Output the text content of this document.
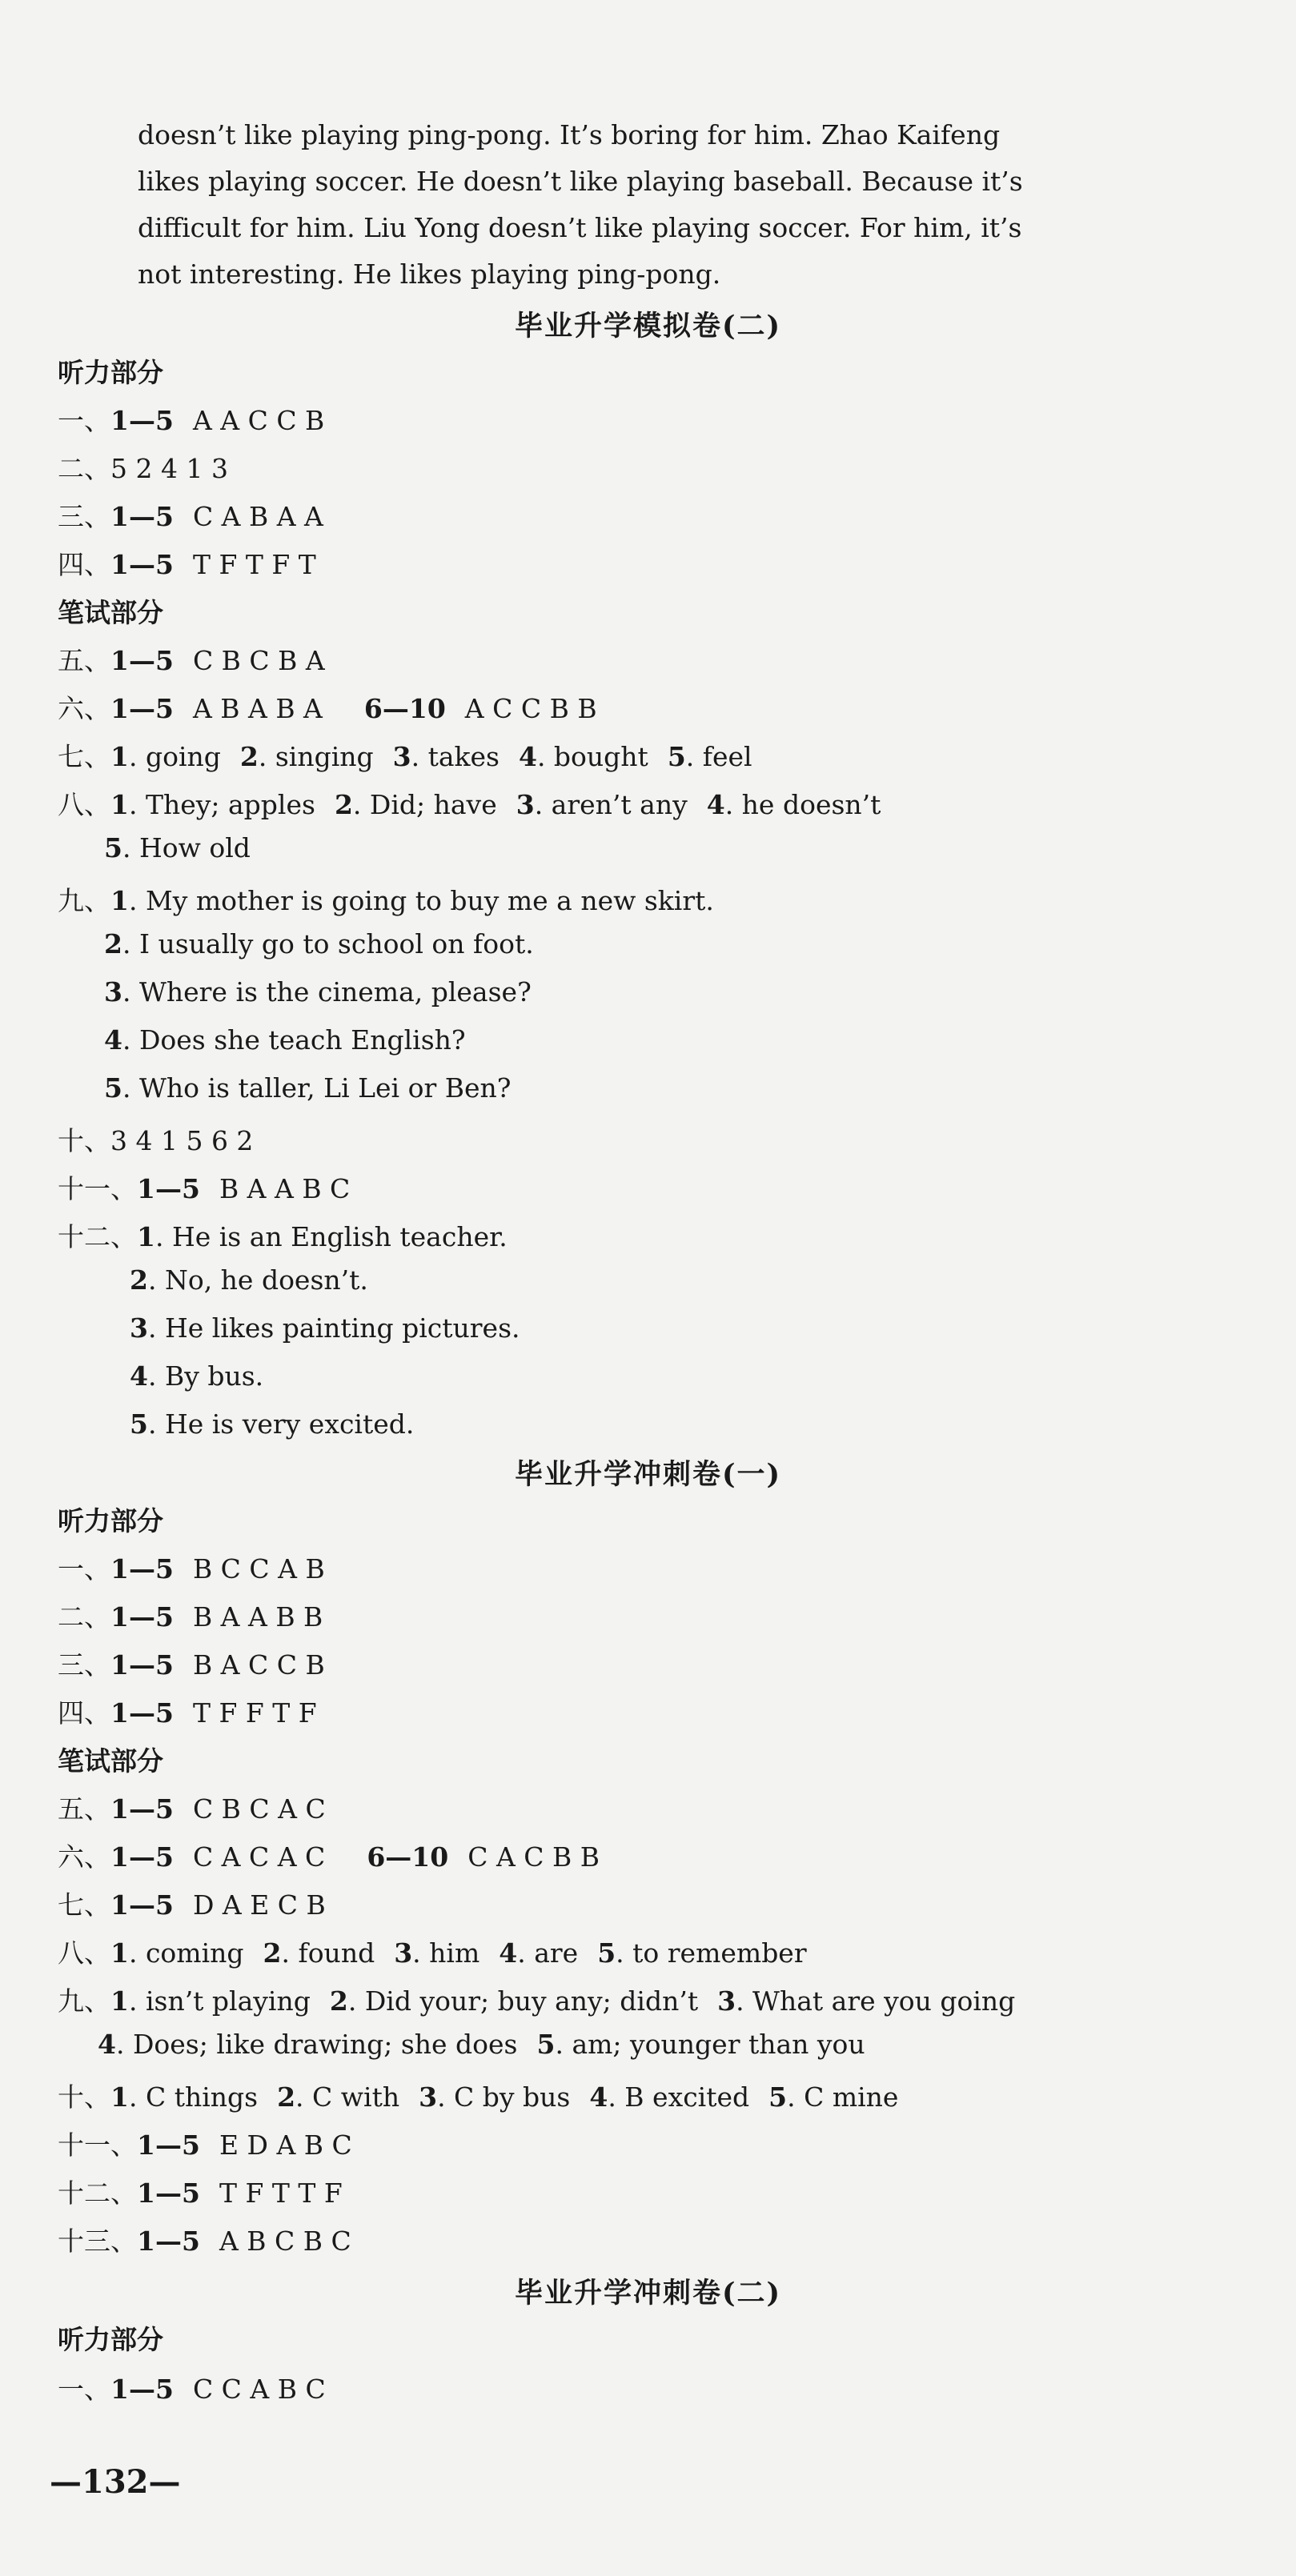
doesn’t like playing ping-pong. It’s boring for him. Zhao Kaifeng
likes playing soccer. He doesn’t like playing baseball. Because it’s
difficult for him. Liu Yong doesn’t like playing soccer. For him, it’s
not interesting. He likes playing ping-pong.
毕业升学模拟卷(二)
听力部分
一、1—5 A A C C B
二、5 2 4 1 3
三、1—5 C A B A A
四、1—5 T F T F T
笔试部分
五、1—5 C B C B A
六、1—5 A B A B A 6—10 A C C B B
七、1. going 2. singing 3. takes 4. bought 5. feel
八、1. They; apples 2. Did; have 3. aren’t any 4. he doesn’t
5. How old
九、1. My mother is going to buy me a new skirt.
2. I usually go to school on foot.
3. Where is the cinema, please?
4. Does she teach English?
5. Who is taller, Li Lei or Ben?
十、3 4 1 5 6 2
十一、1—5 B A A B C
十二、1. He is an English teacher.
2. No, he doesn’t.
3. He likes painting pictures.
4. By bus.
5. He is very excited.
毕业升学冲刺卷(一)
听力部分
一、1—5 B C C A B
二、1—5 B A A B B
三、1—5 B A C C B
四、1—5 T F F T F
笔试部分
五、1—5 C B C A C
六、1—5 C A C A C 6—10 C A C B B
七、1—5 D A E C B
八、1. coming 2. found 3. him 4. are 5. to remember
九、1. isn’t playing 2. Did your; buy any; didn’t 3. What are you going
4. Does; like drawing; she does 5. am; younger than you
十、1. C things 2. C with 3. C by bus 4. B excited 5. C mine
十一、1—5 E D A B C
十二、1—5 T F T T F
十三、1—5 A B C B C
毕业升学冲刺卷(二)
听力部分
一、1—5 C C A B C
—132—
